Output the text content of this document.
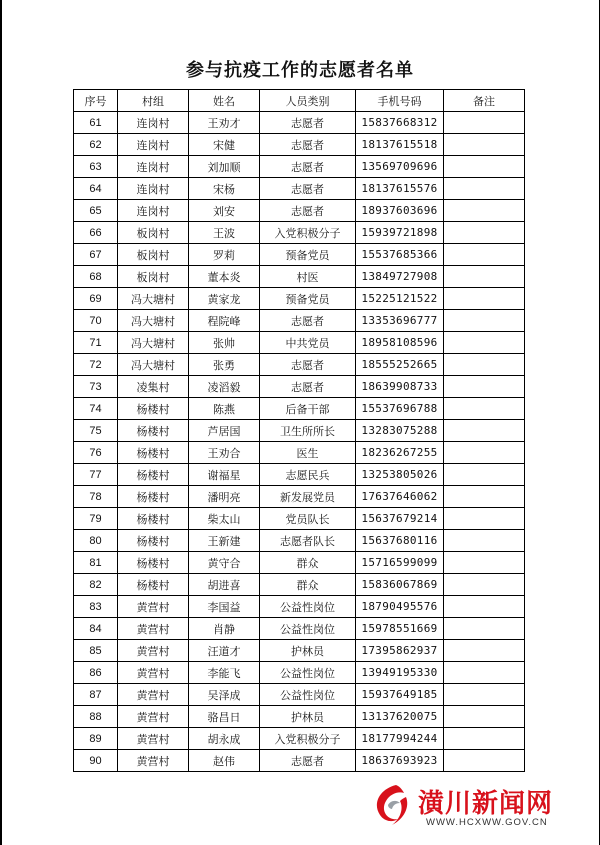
参与抗疫工作的志愿者名单
序号	村组	姓名	人员类别	手机号码	备注
61	连岗村	王劝才	志愿者	15837668312	
62	连岗村	宋健	志愿者	18137615518	
63	连岗村	刘加顺	志愿者	13569709696	
64	连岗村	宋杨	志愿者	18137615576	
65	连岗村	刘安	志愿者	18937603696	
66	板岗村	王波	入党积极分子	15939721898	
67	板岗村	罗莉	预备党员	15537685366	
68	板岗村	董本炎	村医	13849727908	
69	冯大塘村	黄家龙	预备党员	15225121522	
70	冯大塘村	程院峰	志愿者	13353696777	
71	冯大塘村	张帅	中共党员	18958108596	
72	冯大塘村	张勇	志愿者	18555252665	
73	凌集村	凌滔毅	志愿者	18639908733	
74	杨楼村	陈燕	后备干部	15537696788	
75	杨楼村	芦居国	卫生所所长	13283075288	
76	杨楼村	王劝合	医生	18236267255	
77	杨楼村	谢福星	志愿民兵	13253805026	
78	杨楼村	潘明亮	新发展党员	17637646062	
79	杨楼村	柴太山	党员队长	15637679214	
80	杨楼村	王新建	志愿者队长	15637680116	
81	杨楼村	黄守合	群众	15716599099	
82	杨楼村	胡进喜	群众	15836067869	
83	黄营村	李国益	公益性岗位	18790495576	
84	黄营村	肖静	公益性岗位	15978551669	
85	黄营村	汪道才	护林员	17395862937	
86	黄营村	李能飞	公益性岗位	13949195330	
87	黄营村	吴泽成	公益性岗位	15937649185	
88	黄营村	骆昌日	护林员	13137620075	
89	黄营村	胡永成	入党积极分子	18177994244	
90	黄营村	赵伟	志愿者	18637693923	
潢川新闻网
WWW.HCXWW.GOV.CN
